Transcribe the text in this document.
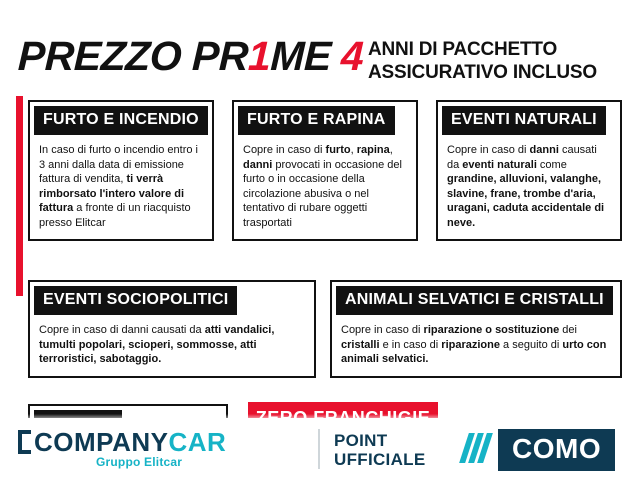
PREZZO PR1ME 4 ANNI DI PACCHETTO
ASSICURATIVO INCLUSO
FURTO E INCENDIO
In caso di furto o incendio entro i 3 anni dalla data di emissione fattura di vendita, ti verrà rimborsato l'intero valore di fattura a fronte di un riacquisto presso Elitcar
FURTO E RAPINA
Copre in caso di furto, rapina, danni provocati in occasione del furto o in occasione della circolazione abusiva o nel tentativo di rubare oggetti trasportati
EVENTI NATURALI
Copre in caso di danni causati da eventi naturali come grandine, alluvioni, valanghe, slavine, frane, trombe d'aria, uragani, caduta accidentale di neve.
EVENTI SOCIOPOLITICI
Copre in caso di danni causati da atti vandalici, tumulti popolari, scioperi, sommosse, atti terroristici, sabotaggio.
ANIMALI SELVATICI E CRISTALLI
Copre in caso di riparazione o sostituzione dei cristalli e in caso di riparazione a seguito di urto con animali selvatici.

COMPANYCAR
Gruppo Elitcar
POINT
UFFICIALE	COMO
